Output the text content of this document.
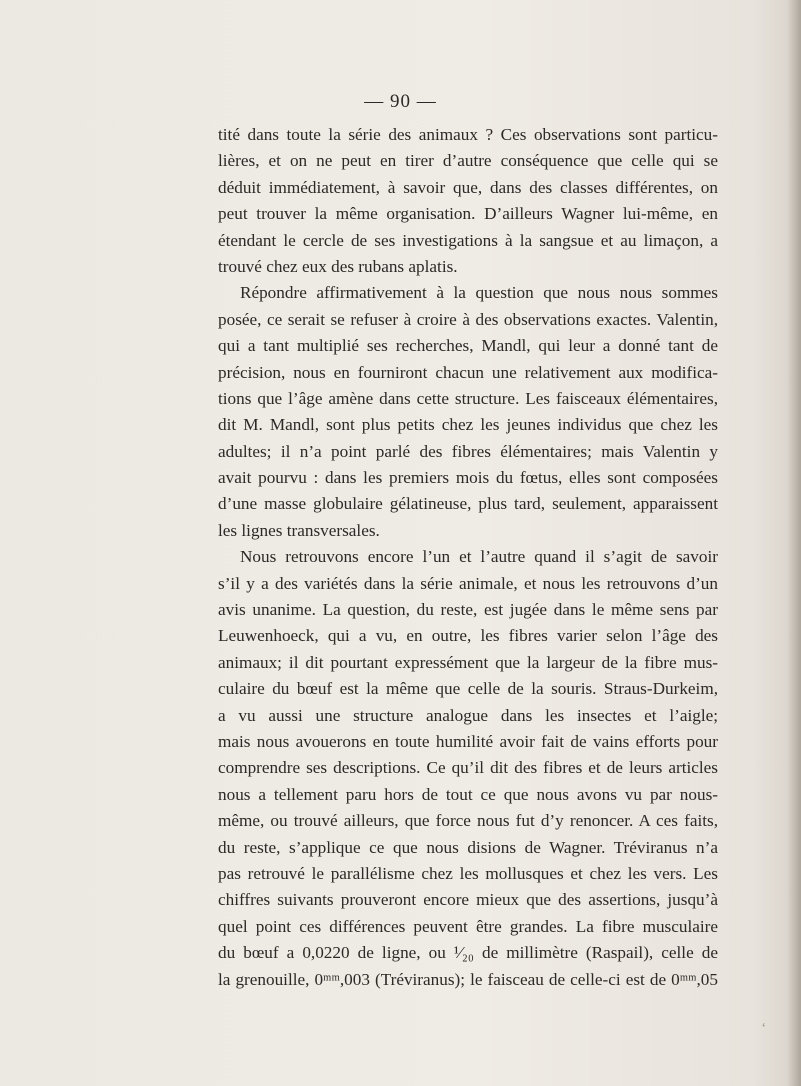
— 90 —
tité dans toute la série des animaux ? Ces observations sont particu-
lières, et on ne peut en tirer d’autre conséquence que celle qui se
déduit immédiatement, à savoir que, dans des classes différentes, on
peut trouver la même organisation. D’ailleurs Wagner lui-même, en
étendant le cercle de ses investigations à la sangsue et au limaçon, a
trouvé chez eux des rubans aplatis.
Répondre affirmativement à la question que nous nous sommes
posée, ce serait se refuser à croire à des observations exactes. Valentin,
qui a tant multiplié ses recherches, Mandl, qui leur a donné tant de
précision, nous en fourniront chacun une relativement aux modifica-
tions que l’âge amène dans cette structure. Les faisceaux élémentaires,
dit M. Mandl, sont plus petits chez les jeunes individus que chez les
adultes; il n’a point parlé des fibres élémentaires; mais Valentin y
avait pourvu : dans les premiers mois du fœtus, elles sont composées
d’une masse globulaire gélatineuse, plus tard, seulement, apparaissent
les lignes transversales.
Nous retrouvons encore l’un et l’autre quand il s’agit de savoir
s’il y a des variétés dans la série animale, et nous les retrouvons d’un
avis unanime. La question, du reste, est jugée dans le même sens par
Leuwenhoeck, qui a vu, en outre, les fibres varier selon l’âge des
animaux; il dit pourtant expressément que la largeur de la fibre mus-
culaire du bœuf est la même que celle de la souris. Straus-Durkeim,
a vu aussi une structure analogue dans les insectes et l’aigle;
mais nous avouerons en toute humilité avoir fait de vains efforts pour
comprendre ses descriptions. Ce qu’il dit des fibres et de leurs articles
nous a tellement paru hors de tout ce que nous avons vu par nous-
même, ou trouvé ailleurs, que force nous fut d’y renoncer. A ces faits,
du reste, s’applique ce que nous disions de Wagner. Tréviranus n’a
pas retrouvé le parallélisme chez les mollusques et chez les vers. Les
chiffres suivants prouveront encore mieux que des assertions, jusqu’à
quel point ces différences peuvent être grandes. La fibre musculaire
du bœuf a 0,0220 de ligne, ou ¹⁄₂₀ de millimètre (Raspail), celle de
la grenouille, 0ᵐᵐ,003 (Tréviranus); le faisceau de celle-ci est de 0ᵐᵐ,05
‘
